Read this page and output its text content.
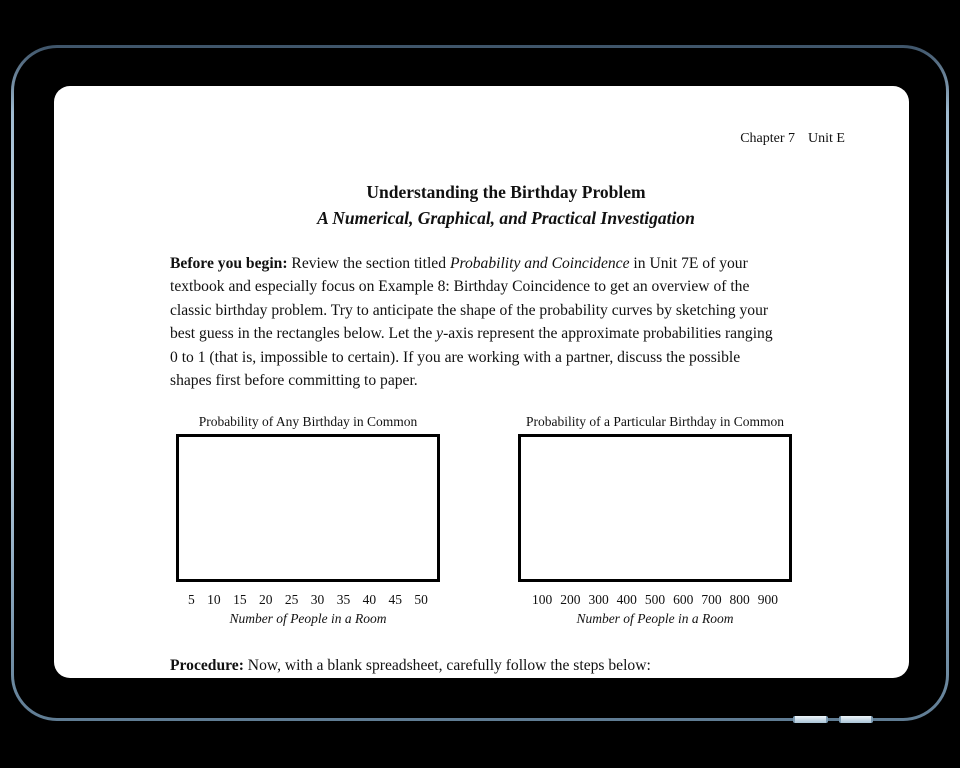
Chapter 7 Unit E
Understanding the Birthday Problem
A Numerical, Graphical, and Practical Investigation
Before you begin: Review the section titled Probability and Coincidence in Unit 7E of your
textbook and especially focus on Example 8: Birthday Coincidence to get an overview of the
classic birthday problem. Try to anticipate the shape of the probability curves by sketching your
best guess in the rectangles below. Let the y-axis represent the approximate probabilities ranging
0 to 1 (that is, impossible to certain). If you are working with a partner, discuss the possible
shapes first before committing to paper.
Probability of Any Birthday in Common
5 10 15 20 25 30 35 40 45 50
Number of People in a Room
Probability of a Particular Birthday in Common
100 200 300 400 500 600 700 800 900
Number of People in a Room
Procedure: Now, with a blank spreadsheet, carefully follow the steps below:
